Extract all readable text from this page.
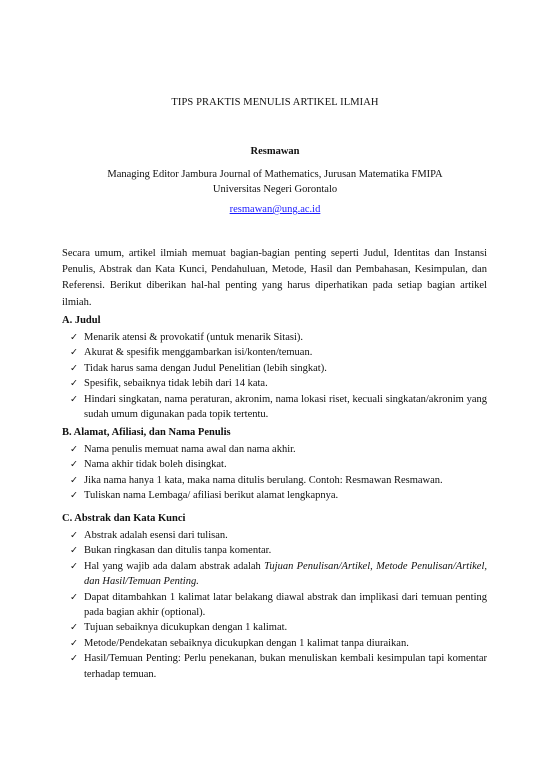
TIPS PRAKTIS MENULIS ARTIKEL ILMIAH
Resmawan
Managing Editor Jambura Journal of Mathematics, Jurusan Matematika FMIPA
Universitas Negeri Gorontalo
resmawan@ung.ac.id

Secara umum, artikel ilmiah memuat bagian-bagian penting seperti Judul, Identitas dan Instansi Penulis, Abstrak dan Kata Kunci, Pendahuluan, Metode, Hasil dan Pembahasan, Kesimpulan, dan Referensi. Berikut diberikan hal-hal penting yang harus diperhatikan pada setiap bagian artikel ilmiah.

A. Judul
✓ Menarik atensi & provokatif (untuk menarik Sitasi).
✓ Akurat & spesifik menggambarkan isi/konten/temuan.
✓ Tidak harus sama dengan Judul Penelitian (lebih singkat).
✓ Spesifik, sebaiknya tidak lebih dari 14 kata.
✓ Hindari singkatan, nama peraturan, akronim, nama lokasi riset, kecuali singkatan/akronim yang sudah umum digunakan pada topik tertentu.
B. Alamat, Afiliasi, dan Nama Penulis
✓ Nama penulis memuat nama awal dan nama akhir.
✓ Nama akhir tidak boleh disingkat.
✓ Jika nama hanya 1 kata, maka nama ditulis berulang. Contoh: Resmawan Resmawan.
✓ Tuliskan nama Lembaga/ afiliasi berikut alamat lengkapnya.
C. Abstrak dan Kata Kunci
✓ Abstrak adalah esensi dari tulisan.
✓ Bukan ringkasan dan ditulis tanpa komentar.
✓ Hal yang wajib ada dalam abstrak adalah Tujuan Penulisan/Artikel, Metode Penulisan/Artikel, dan Hasil/Temuan Penting.
✓ Dapat ditambahkan 1 kalimat latar belakang diawal abstrak dan implikasi dari temuan penting pada bagian akhir (optional).
✓ Tujuan sebaiknya dicukupkan dengan 1 kalimat.
✓ Metode/Pendekatan sebaiknya dicukupkan dengan 1 kalimat tanpa diuraikan.
✓ Hasil/Temuan Penting: Perlu penekanan, bukan menuliskan kembali kesimpulan tapi komentar terhadap temuan.
